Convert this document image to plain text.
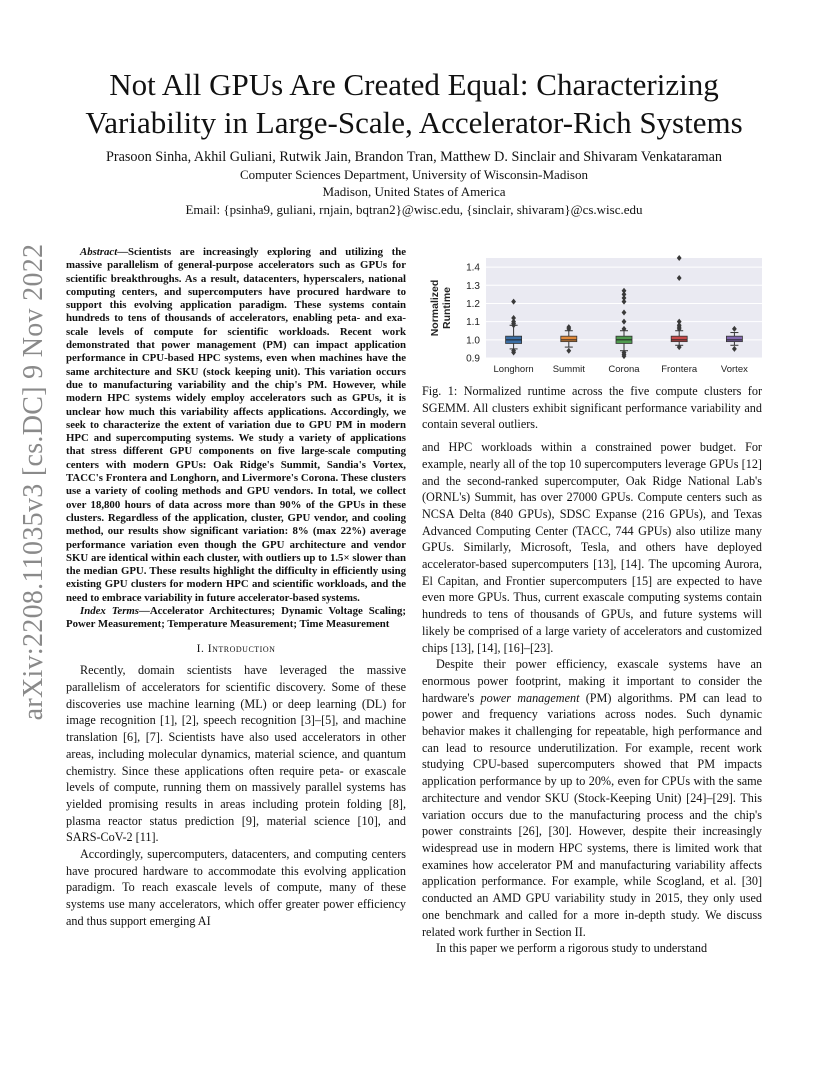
arXiv:2208.11035v3 [cs.DC] 9 Nov 2022
Not All GPUs Are Created Equal: Characterizing
Variability in Large-Scale, Accelerator-Rich Systems
Prasoon Sinha, Akhil Guliani, Rutwik Jain, Brandon Tran, Matthew D. Sinclair and Shivaram Venkataraman
Computer Sciences Department, University of Wisconsin-Madison
Madison, United States of America
Email: {psinha9, guliani, rnjain, bqtran2}@wisc.edu, {sinclair, shivaram}@cs.wisc.edu

Abstract—Scientists are increasingly exploring and utilizing the massive parallelism of general-purpose accelerators such as GPUs for scientific breakthroughs. As a result, datacenters, hyperscalers, national computing centers, and supercomputers have procured hardware to support this evolving application paradigm. These systems contain hundreds to tens of thousands of accelerators, enabling peta- and exa-scale levels of compute for scientific workloads. Recent work demonstrated that power management (PM) can impact application performance in CPU-based HPC systems, even when machines have the same architecture and SKU (stock keeping unit). This variation occurs due to manufacturing variability and the chip's PM. However, while modern HPC systems widely employ accelerators such as GPUs, it is unclear how much this variability affects applications. Accordingly, we seek to characterize the extent of variation due to GPU PM in modern HPC and supercomputing systems. We study a variety of applications that stress different GPU components on five large-scale computing centers with modern GPUs: Oak Ridge's Summit, Sandia's Vortex, TACC's Frontera and Longhorn, and Livermore's Corona. These clusters use a variety of cooling methods and GPU vendors. In total, we collect over 18,800 hours of data across more than 90% of the GPUs in these clusters. Regardless of the application, cluster, GPU vendor, and cooling method, our results show significant variation: 8% (max 22%) average performance variation even though the GPU architecture and vendor SKU are identical within each cluster, with outliers up to 1.5× slower than the median GPU. These results highlight the difficulty in efficiently using existing GPU clusters for modern HPC and scientific workloads, and the need to embrace variability in future accelerator-based systems.

Index Terms—Accelerator Architectures; Dynamic Voltage Scaling; Power Measurement; Temperature Measurement; Time Measurement

I. Introduction

Recently, domain scientists have leveraged the massive parallelism of accelerators for scientific discovery. Some of these discoveries use machine learning (ML) or deep learning (DL) for image recognition [1], [2], speech recognition [3]–[5], and machine translation [6], [7]. Scientists have also used accelerators in other areas, including molecular dynamics, material science, and quantum chemistry. Since these applications often require peta- or exascale levels of compute, running them on massively parallel systems has yielded promising results in areas including protein folding [8], plasma reactor status prediction [9], material science [10], and SARS-CoV-2 [11].

Accordingly, supercomputers, datacenters, and computing centers have procured hardware to accommodate this evolving application paradigm. To reach exascale levels of compute, many of these systems use many accelerators, which offer greater power efficiency and thus support emerging AI

0.9
1.0
1.1
1.2
1.3
1.4
Normalized Runtime
Longhorn Summit Corona Frontera	Vortex

Fig. 1: Normalized runtime across the five compute clusters for SGEMM. All clusters exhibit significant performance variability and contain several outliers.

and HPC workloads within a constrained power budget. For example, nearly all of the top 10 supercomputers leverage GPUs [12] and the second-ranked supercomputer, Oak Ridge National Lab's (ORNL's) Summit, has over 27000 GPUs. Compute centers such as NCSA Delta (840 GPUs), SDSC Expanse (216 GPUs), and Texas Advanced Computing Center (TACC, 744 GPUs) also utilize many GPUs. Similarly, Microsoft, Tesla, and others have deployed accelerator-based supercomputers [13], [14]. The upcoming Aurora, El Capitan, and Frontier supercomputers [15] are expected to have even more GPUs. Thus, current exascale computing systems contain hundreds to tens of thousands of GPUs, and future systems will likely be comprised of a large variety of accelerators and customized chips [13], [14], [16]–[23].

Despite their power efficiency, exascale systems have an enormous power footprint, making it important to consider the hardware's power management (PM) algorithms. PM can lead to power and frequency variations across nodes. Such dynamic behavior makes it challenging for repeatable, high performance and can lead to resource underutilization. For example, recent work studying CPU-based supercomputers showed that PM impacts application performance by up to 20%, even for CPUs with the same architecture and vendor SKU (Stock-Keeping Unit) [24]–[29]. This variation occurs due to the manufacturing process and the chip's power constraints [26], [30]. However, despite their increasingly widespread use in modern HPC systems, there is limited work that examines how accelerator PM and manufacturing variability affects application performance. For example, while Scogland, et al. [30] conducted an AMD GPU variability study in 2015, they only used one benchmark and called for a more in-depth study. We discuss related work further in Section II.

In this paper we perform a rigorous study to understand
